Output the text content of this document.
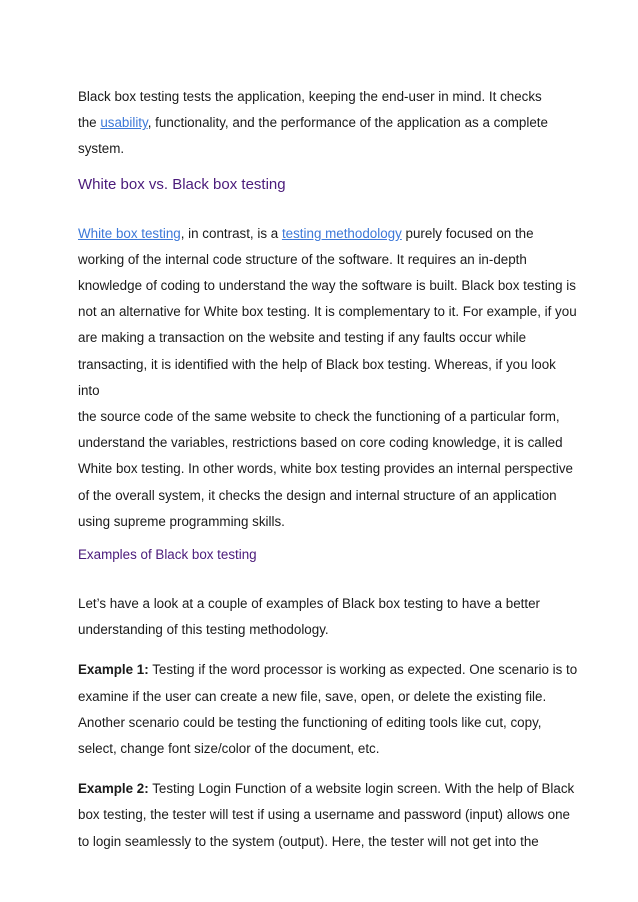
Black box testing tests the application, keeping the end-user in mind. It checks
the usability, functionality, and the performance of the application as a complete
system.
White box vs. Black box testing
White box testing, in contrast, is a testing methodology purely focused on the
working of the internal code structure of the software. It requires an in-depth
knowledge of coding to understand the way the software is built. Black box testing is
not an alternative for White box testing. It is complementary to it. For example, if you
are making a transaction on the website and testing if any faults occur while
transacting, it is identified with the help of Black box testing. Whereas, if you look into
the source code of the same website to check the functioning of a particular form,
understand the variables, restrictions based on core coding knowledge, it is called
White box testing. In other words, white box testing provides an internal perspective
of the overall system, it checks the design and internal structure of an application
using supreme programming skills.
Examples of Black box testing
Let’s have a look at a couple of examples of Black box testing to have a better
understanding of this testing methodology.
Example 1: Testing if the word processor is working as expected. One scenario is to
examine if the user can create a new file, save, open, or delete the existing file.
Another scenario could be testing the functioning of editing tools like cut, copy,
select, change font size/color of the document, etc.
Example 2: Testing Login Function of a website login screen. With the help of Black
box testing, the tester will test if using a username and password (input) allows one
to login seamlessly to the system (output). Here, the tester will not get into the
